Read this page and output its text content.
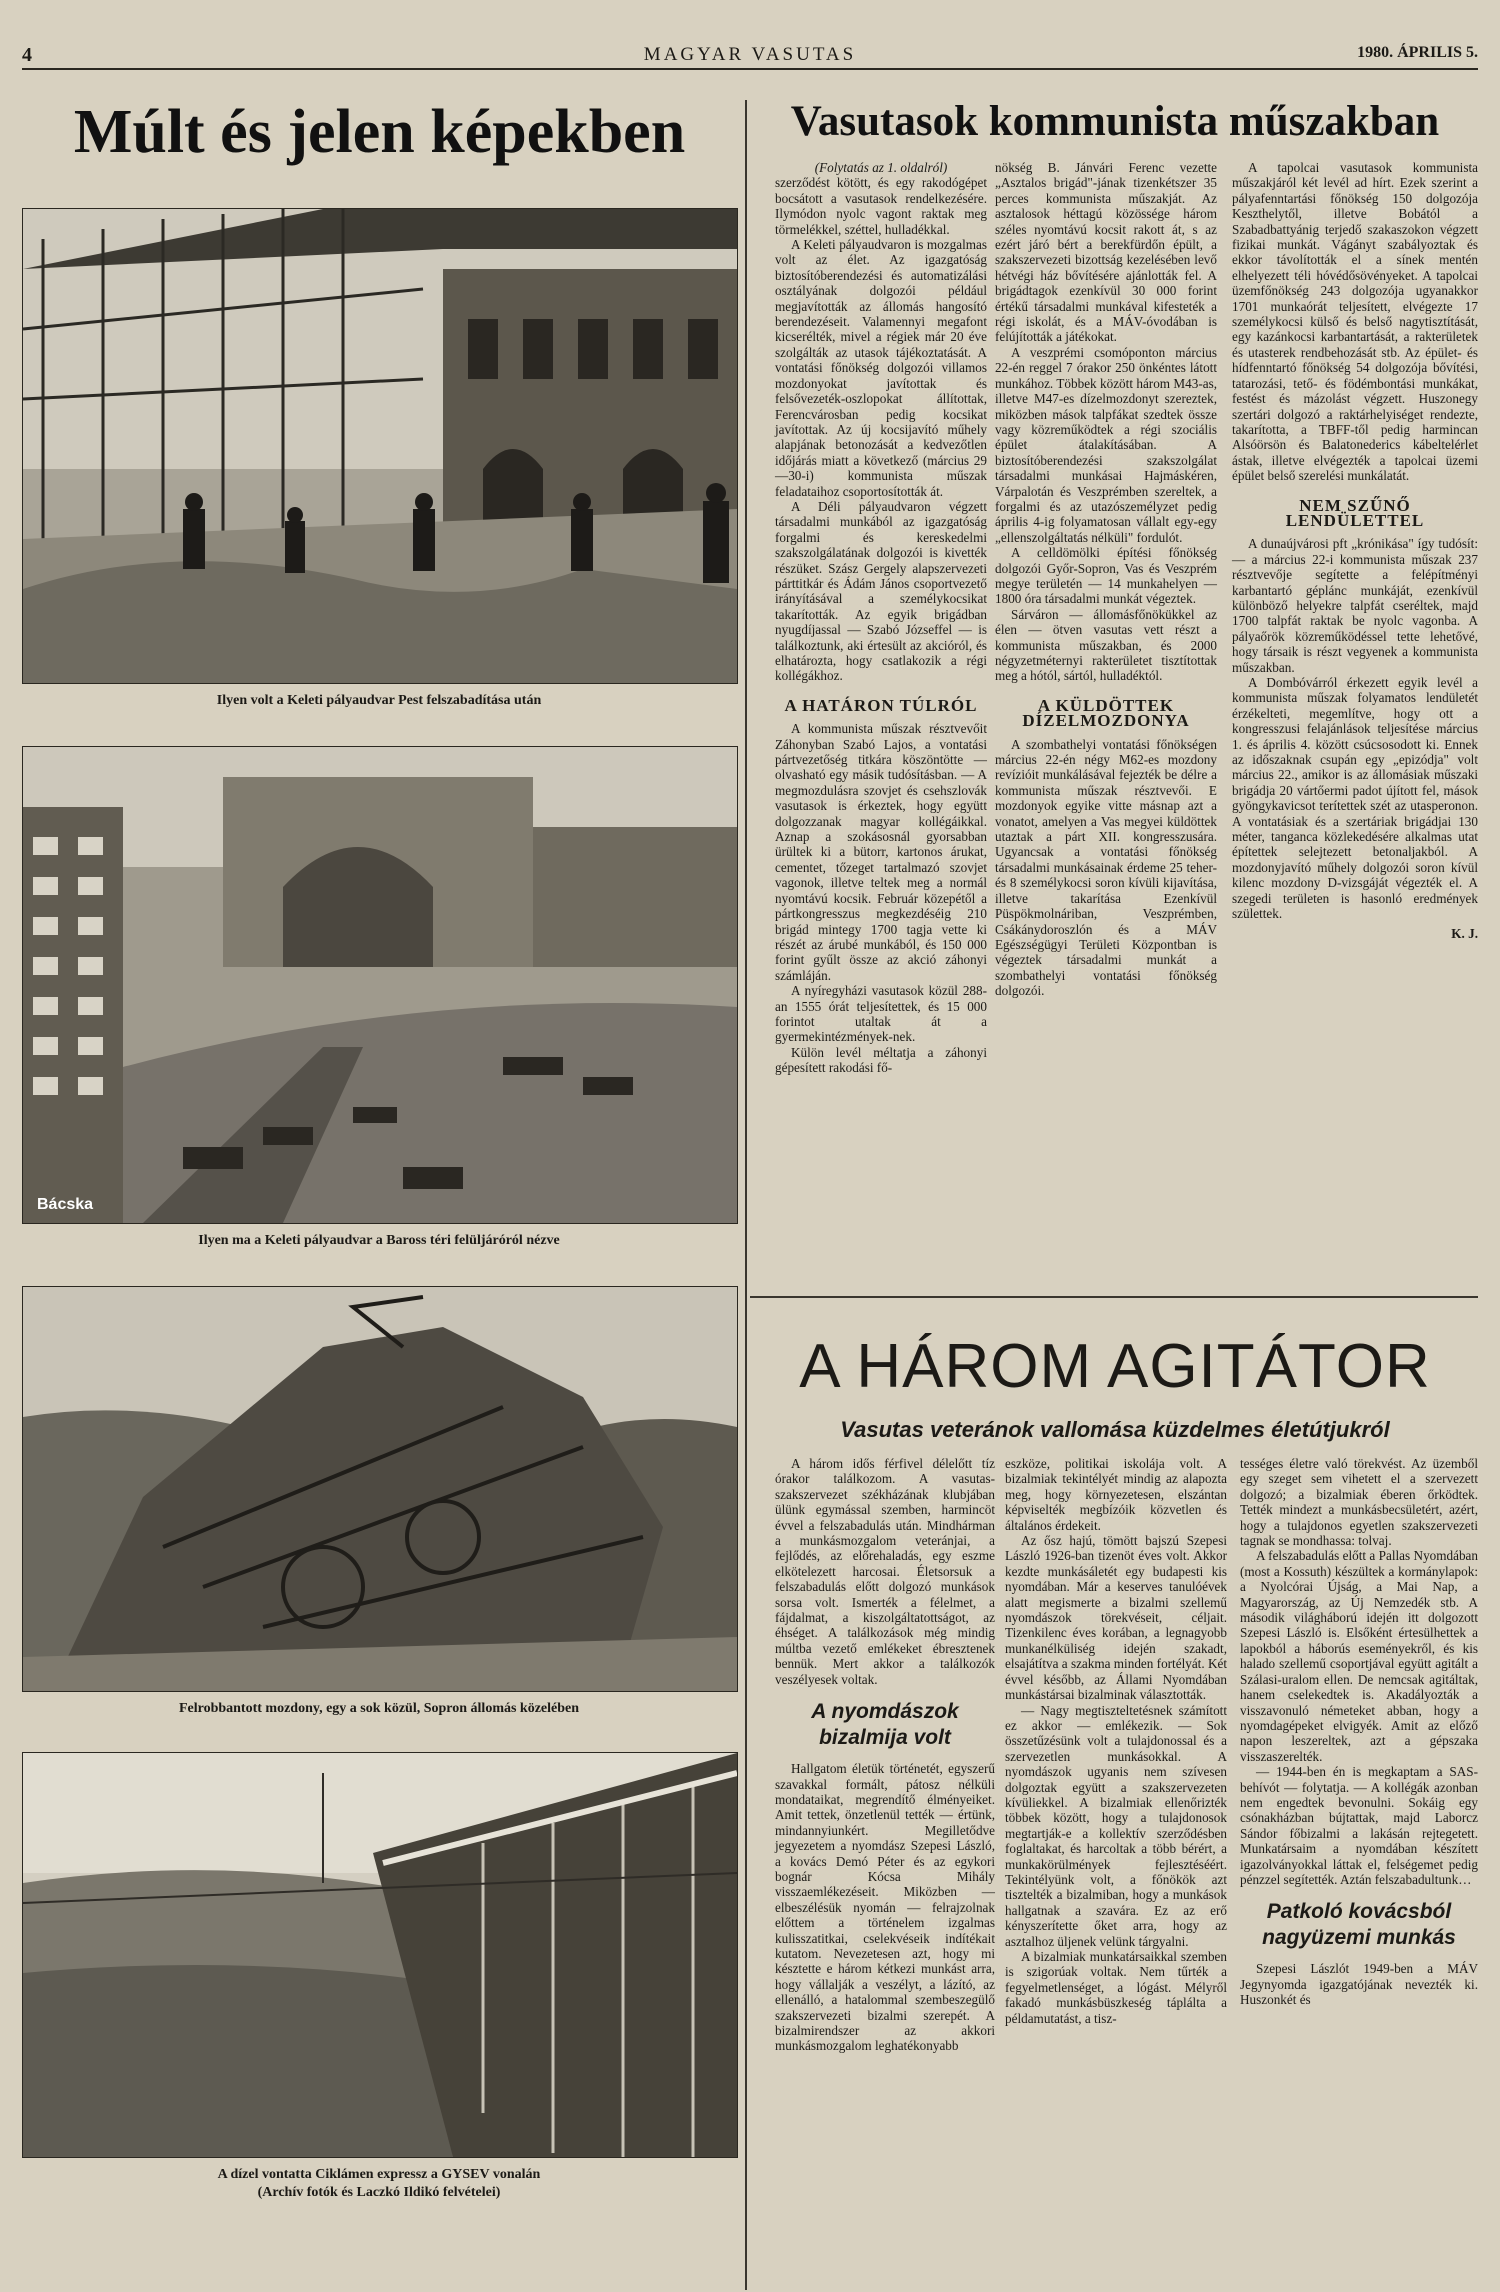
4	MAGYAR VASUTAS	1980. ÁPRILIS 5.
Múlt és jelen képekben
Ilyen volt a Keleti pályaudvar Pest felszabadítása után
Bácska
Ilyen ma a Keleti pályaudvar a Baross téri felüljáróról nézve
Felrobbantott mozdony, egy a sok közül, Sopron állomás közelében
A dízel vontatta Ciklámen expressz a GYSEV vonalán
(Archív fotók és Laczkó Ildikó felvételei)
Vasutasok kommunista műszakban

(Folytatás az 1. oldalról)

szerződést kötött, és egy rakodógépet bocsátott a vasutasok rendelkezésére. Ilymódon nyolc vagont raktak meg törmelékkel, széttel, hulladékkal.

A Keleti pályaudvaron is mozgalmas volt az élet. Az igazgatóság biztosítóberendezési és automatizálási osztályának dolgozói például megjavították az állomás hangosító berendezéseit. Valamennyi megafont kicserélték, mivel a régiek már 20 éve szolgálták az utasok tájékoztatását. A vontatási főnökség dolgozói villamos mozdonyokat javítottak és felsővezeték-oszlopokat állítottak, Ferencvárosban pedig kocsikat javítottak. Az új kocsijavító műhely alapjának betonozását a kedvezőtlen időjárás miatt a következő (március 29—30-i) kommunista műszak feladataihoz csoportosították át.

A Déli pályaudvaron végzett társadalmi munkából az igazgatóság forgalmi és kereskedelmi szakszolgálatának dolgozói is kivették részüket. Szász Gergely alapszervezeti párttitkár és Ádám János csoportvezető irányításával a személykocsikat takarították. Az egyik brigádban nyugdíjassal — Szabó Józseffel — is találkoztunk, aki értesült az akcióról, és elhatározta, hogy csatlakozik a régi kollégákhoz.

A HATÁRON TÚLRÓL

A kommunista műszak résztvevőit Záhonyban Szabó Lajos, a vontatási pártvezetőség titkára köszöntötte — olvasható egy másik tudósításban. — A megmozdulásra szovjet és csehszlovák vasutasok is érkeztek, hogy együtt dolgozzanak magyar kollégáikkal. Aznap a szokásosnál gyorsabban ürültek ki a bütorr, kartonos árukat, cementet, tőzeget tartalmazó szovjet vagonok, illetve teltek meg a normál nyomtávú kocsik. Február közepétől a pártkongresszus megkezdéséig 210 brigád mintegy 1700 tagja vette ki részét az árubé munkából, és 150 000 forint gyűlt össze az akció záhonyi számláján.

A nyíregyházi vasutasok közül 288-an 1555 órát teljesítettek, és 15 000 forintot utaltak át a gyermekintézmények-nek.

Külön levél méltatja a záhonyi gépesített rakodási fő-

nökség B. Jánvári Ferenc vezette „Asztalos brigád"-jának tizenkétszer 35 perces kommunista műszakját. Az asztalosok héttagú közössége három széles nyomtávú kocsit rakott át, s az ezért járó bért a berekfürdőn épült, a szakszervezeti bizottság kezelésében levő hétvégi ház bővítésére ajánlották fel. A brigádtagok ezenkívül 30 000 forint értékű társadalmi munkával kifesteték a régi iskolát, és a MÁV-óvodában is felújították a játékokat.

A veszprémi csomóponton március 22-én reggel 7 órakor 250 önkéntes látott munkához. Többek között három M43-as, illetve M47-es dízelmozdonyt szereztek, miközben mások talpfákat szedtek össze vagy közreműködtek a régi szociális épület átalakításában. A biztosítóberendezési szakszolgálat társadalmi munkásai Hajmáskéren, Várpalotán és Veszprémben szereltek, a forgalmi és az utazószemélyzet pedig április 4-ig folyamatosan vállalt egy-egy „ellenszolgáltatás nélküli" fordulót.

A celldömölki építési főnökség dolgozói Győr-Sopron, Vas és Veszprém megye területén — 14 munkahelyen — 1800 óra társadalmi munkát végeztek.

Sárváron — állomásfőnökükkel az élen — ötven vasutas vett részt a kommunista műszakban, és 2000 négyzetméternyi rakterületet tisztítottak meg a hótól, sártól, hulladéktól.

A KÜLDÖTTEK DÍZELMOZDONYA

A szombathelyi vontatási főnökségen március 22-én négy M62-es mozdony revízióit munkálásával fejezték be délre a kommunista műszak résztvevői. E mozdonyok egyike vitte másnap azt a vonatot, amelyen a Vas megyei küldöttek utaztak a párt XII. kongresszusára. Ugyancsak a vontatási főnökség társadalmi munkásainak érdeme 25 teher- és 8 személykocsi soron kívüli kijavítása, illetve takarítása Ezenkívül Püspökmolnáriban, Veszprémben, Csákánydoroszlón és a MÁV Egészségügyi Területi Központban is végeztek társadalmi munkát a szombathelyi vontatási főnökség dolgozói.

A tapolcai vasutasok kommunista műszakjáról két levél ad hírt. Ezek szerint a pályafenntartási főnökség 150 dolgozója Keszthelytől, illetve Bobától a Szabadbattyánig terjedő szakaszokon végzett fizikai munkát. Vágányt szabályoztak és ekkor távolították el a sínek mentén elhelyezett téli hóvédősövényeket. A tapolcai üzemfőnökség 243 dolgozója ugyanakkor 1701 munkaórát teljesített, elvégezte 17 személykocsi külső és belső nagytisztítását, egy kazánkocsi karbantartását, a rakterületek és utasterek rendbehozását stb. Az épület- és hídfenntartó főnökség 54 dolgozója bővítési, tatarozási, tető- és födémbontási munkákat, festést és mázolást végzett. Huszonegy szertári dolgozó a raktárhelyiséget rendezte, takarította, a TBFF-től pedig harmincan Alsóörsön és Balatonederics kábeltelérlet ástak, illetve elvégezték a tapolcai üzemi épület belső szerelési munkálatát.

NEM SZŰNŐ LENDÜLETTEL

A dunaújvárosi pft „krónikása" így tudósít: — a március 22-i kommunista műszak 237 résztvevője segítette a felépítményi karbantartó géplánc munkáját, ezenkívül különböző helyekre talpfát cseréltek, majd 1700 talpfát raktak be nyolc vagonba. A pályaőrök közreműködéssel tette lehetővé, hogy társaik is részt vegyenek a kommunista műszakban.

A Dombóvárról érkezett egyik levél a kommunista műszak folyamatos lendületét érzékelteti, megemlítve, hogy ott a kongresszusi felajánlások teljesítése március 1. és április 4. között csúcsosodott ki. Ennek az időszaknak csupán egy „epizódja" volt március 22., amikor is az állomásiak műszaki brigádja 20 vártőermi padot újított fel, mások gyöngykavicsot terítettek szét az utasperonon. A vontatásiak és a szertáriak brigádjai 130 méter, tanganca közlekedésére alkalmas utat építettek selejtezett betonaljakból. A mozdonyjavító műhely dolgozói soron kívül kilenc mozdony D-vizsgáját végezték el. A szegedi területen is hasonló eredmények születtek.

K. J.
A HÁROM AGITÁTOR
Vasutas veteránok vallomása küzdelmes életútjukról

A három idős férfivel délelőtt tíz órakor találkozom. A vasutas-szakszervezet székházának klubjában ülünk egymással szemben, harmincöt évvel a felszabadulás után. Mindhárman a munkásmozgalom veteránjai, a fejlődés, az előrehaladás, egy eszme elkötelezett harcosai. Életsorsuk a felszabadulás előtt dolgozó munkások sorsa volt. Ismerték a félelmet, a fájdalmat, a kiszolgáltatottságot, az éhséget. A találkozások még mindig múltba vezető emlékeket ébresztenek bennük. Mert akkor a találkozók veszélyesek voltak.

A nyomdászok bizalmija volt

Hallgatom életük történetét, egyszerű szavakkal formált, pátosz nélküli mondataikat, megrendítő élményeiket. Amit tettek, önzetlenül tették — értünk, mindannyiunkért. Megilletődve jegyezetem a nyomdász Szepesi László, a kovács Demó Péter és az egykori bognár Kócsa Mihály visszaemlékezéseit. Miközben — elbeszélésük nyomán — felrajzolnak előttem a történelem izgalmas kulisszatitkai, cselekvéseik indítékait kutatom. Nevezetesen azt, hogy mi késztette e három kétkezi munkást arra, hogy vállalják a veszélyt, a lázító, az ellenálló, a hatalommal szembeszegülő szakszervezeti bizalmi szerepét. A bizalmirendszer az akkori munkásmozgalom leghatékonyabb

eszköze, politikai iskolája volt. A bizalmiak tekintélyét mindig az alapozta meg, hogy környezetesen, elszántan képviselték megbízóik közvetlen és általános érdekeit.

Az ősz hajú, tömött bajszú Szepesi László 1926-ban tizenöt éves volt. Akkor kezdte munkásáletét egy budapesti kis nyomdában. Már a keserves tanulóévek alatt megismerte a bizalmi szellemű nyomdászok törekvéseit, céljait. Tizenkilenc éves korában, a legnagyobb munkanélküliség idején szakadt, elsajátítva a szakma minden fortélyát. Két évvel később, az Állami Nyomdában munkástársai bizalminak választották.

— Nagy megtiszteltetésnek számított ez akkor — emlékezik. — Sok összetűzésünk volt a tulajdonossal és a szervezetlen munkásokkal. A nyomdászok ugyanis nem szívesen dolgoztak együtt a szakszervezeten kívüliekkel. A bizalmiak ellenőrizték többek között, hogy a tulajdonosok megtartják-e a kollektív szerződésben foglaltakat, és harcoltak a több bérért, a munkakörülmények fejlesztéséért. Tekintélyünk volt, a főnökök azt tisztelték a bizalmiban, hogy a munkások hallgatnak a szavára. Ez az erő kényszerítette őket arra, hogy az asztalhoz üljenek velünk tárgyalni.

A bizalmiak munkatársaikkal szemben is szigorúak voltak. Nem tűrték a fegyelmetlenséget, a lógást. Mélyről fakadó munkásbüszkeség táplálta a példamutatást, a tisz-

tességes életre való törekvést. Az üzemből egy szeget sem vihetett el a szervezett dolgozó; a bizalmiak éberen őrködtek. Tették mindezt a munkásbecsületért, azért, hogy a tulajdonos egyetlen szakszervezeti tagnak se mondhassa: tolvaj.

A felszabadulás előtt a Pallas Nyomdában (most a Kossuth) készültek a kormánylapok: a Nyolcórai Újság, a Mai Nap, a Magyarország, az Új Nemzedék stb. A második világháború idején itt dolgozott Szepesi László is. Elsőként értesülhettek a lapokból a háborús eseményekről, és kis halado szellemű csoportjával együtt agitált a Szálasi-uralom ellen. De nemcsak agitáltak, hanem cselekedtek is. Akadályozták a visszavonuló németeket abban, hogy a nyomdagépeket elvigyék. Amit az előző napon leszereltek, azt a gépszaka visszaszerelték.

— 1944-ben én is megkaptam a SAS-behívót — folytatja. — A kollégák azonban nem engedtek bevonulni. Sokáig egy csónakházban bújtattak, majd Laborcz Sándor főbizalmi a lakásán rejtegetett. Munkatársaim a nyomdában készített igazolványokkal láttak el, felségemet pedig pénzzel segítették. Aztán felszabadultunk…

Patkoló kovácsból nagyüzemi munkás

Szepesi Lászlót 1949-ben a MÁV Jegynyomda igazgatójának nevezték ki. Huszonkét és
